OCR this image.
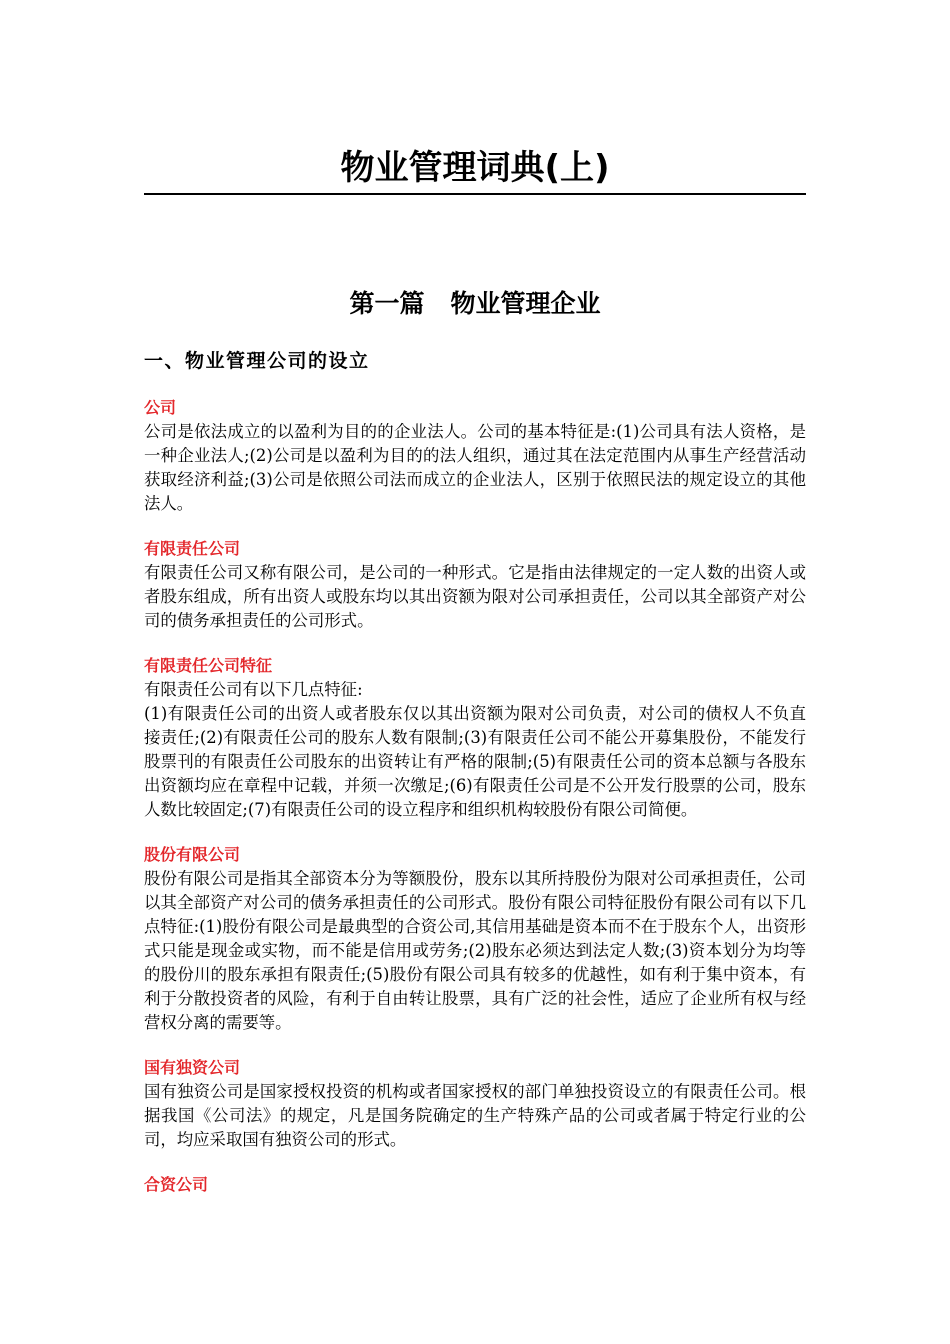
物业管理词典(上)
第一篇   物业管理企业
一、物业管理公司的设立
公司

公司是依法成立的以盈利为目的的企业法人。公司的基本特征是:(1)公司具有法人资格，是一种企业法人;(2)公司是以盈利为目的的法人组织，通过其在法定范围内从事生产经营活动获取经济利益;(3)公司是依照公司法而成立的企业法人，区别于依照民法的规定设立的其他法人。

有限责任公司

有限责任公司又称有限公司，是公司的一种形式。它是指由法律规定的一定人数的出资人或者股东组成，所有出资人或股东均以其出资额为限对公司承担责任，公司以其全部资产对公司的债务承担责任的公司形式。

有限责任公司特征

有限责任公司有以下几点特征:

(1)有限责任公司的出资人或者股东仅以其出资额为限对公司负责，对公司的债权人不负直接责任;(2)有限责任公司的股东人数有限制;(3)有限责任公司不能公开募集股份，不能发行股票刊的有限责任公司股东的出资转让有严格的限制;(5)有限责任公司的资本总额与各股东出资额均应在章程中记载，并须一次缴足;(6)有限责任公司是不公开发行股票的公司，股东人数比较固定;(7)有限责任公司的设立程序和组织机构较股份有限公司简便。

股份有限公司

股份有限公司是指其全部资本分为等额股份，股东以其所持股份为限对公司承担责任，公司以其全部资产对公司的债务承担责任的公司形式。股份有限公司特征股份有限公司有以下几点特征:(1)股份有限公司是最典型的合资公司,其信用基础是资本而不在于股东个人，出资形式只能是现金或实物，而不能是信用或劳务;(2)股东必须达到法定人数;(3)资本划分为均等的股份川的股东承担有限责任;(5)股份有限公司具有较多的优越性，如有利于集中资本，有利于分散投资者的风险，有利于自由转让股票，具有广泛的社会性，适应了企业所有权与经营权分离的需要等。

国有独资公司

国有独资公司是国家授权投资的机构或者国家授权的部门单独投资设立的有限责任公司。根据我国《公司法》的规定，凡是国务院确定的生产特殊产品的公司或者属于特定行业的公司，均应采取国有独资公司的形式。

合资公司
